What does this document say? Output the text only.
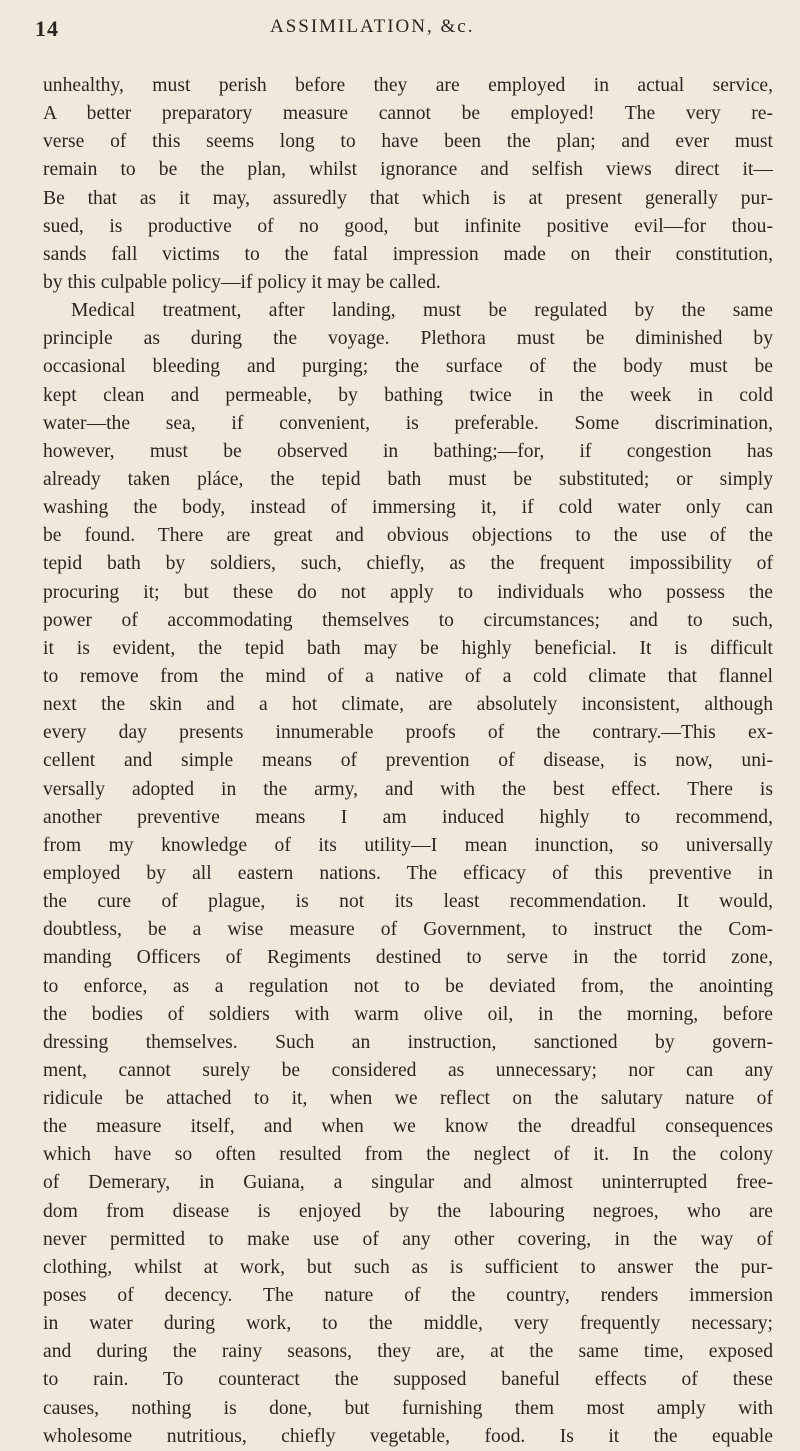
14	ASSIMILATION, &c.
unhealthy, must perish before they are employed in actual service,
A better preparatory measure cannot be employed! The very re-
verse of this seems long to have been the plan; and ever must
remain to be the plan, whilst ignorance and selfish views direct it—
Be that as it may, assuredly that which is at present generally pur-
sued, is productive of no good, but infinite positive evil—for thou-
sands fall victims to the fatal impression made on their constitution,
by this culpable policy—if policy it may be called.
Medical treatment, after landing, must be regulated by the same
principle as during the voyage. Plethora must be diminished by
occasional bleeding and purging; the surface of the body must be
kept clean and permeable, by bathing twice in the week in cold
water—the sea, if convenient, is preferable. Some discrimination,
however, must be observed in bathing;—for, if congestion has
already taken pláce, the tepid bath must be substituted; or simply
washing the body, instead of immersing it, if cold water only can
be found. There are great and obvious objections to the use of the
tepid bath by soldiers, such, chiefly, as the frequent impossibility of
procuring it; but these do not apply to individuals who possess the
power of accommodating themselves to circumstances; and to such,
it is evident, the tepid bath may be highly beneficial. It is difficult
to remove from the mind of a native of a cold climate that flannel
next the skin and a hot climate, are absolutely inconsistent, although
every day presents innumerable proofs of the contrary.—This ex-
cellent and simple means of prevention of disease, is now, uni-
versally adopted in the army, and with the best effect. There is
another preventive means I am induced highly to recommend,
from my knowledge of its utility—I mean inunction, so universally
employed by all eastern nations. The efficacy of this preventive in
the cure of plague, is not its least recommendation. It would,
doubtless, be a wise measure of Government, to instruct the Com-
manding Officers of Regiments destined to serve in the torrid zone,
to enforce, as a regulation not to be deviated from, the anointing
the bodies of soldiers with warm olive oil, in the morning, before
dressing themselves. Such an instruction, sanctioned by govern-
ment, cannot surely be considered as unnecessary; nor can any
ridicule be attached to it, when we reflect on the salutary nature of
the measure itself, and when we know the dreadful consequences
which have so often resulted from the neglect of it. In the colony
of Demerary, in Guiana, a singular and almost uninterrupted free-
dom from disease is enjoyed by the labouring negroes, who are
never permitted to make use of any other covering, in the way of
clothing, whilst at work, but such as is sufficient to answer the pur-
poses of decency. The nature of the country, renders immersion
in water during work, to the middle, very frequently necessary;
and during the rainy seasons, they are, at the same time, exposed
to rain. To counteract the supposed baneful effects of these
causes, nothing is done, but furnishing them most amply with
wholesome nutritious, chiefly vegetable, food. Is it the equable
